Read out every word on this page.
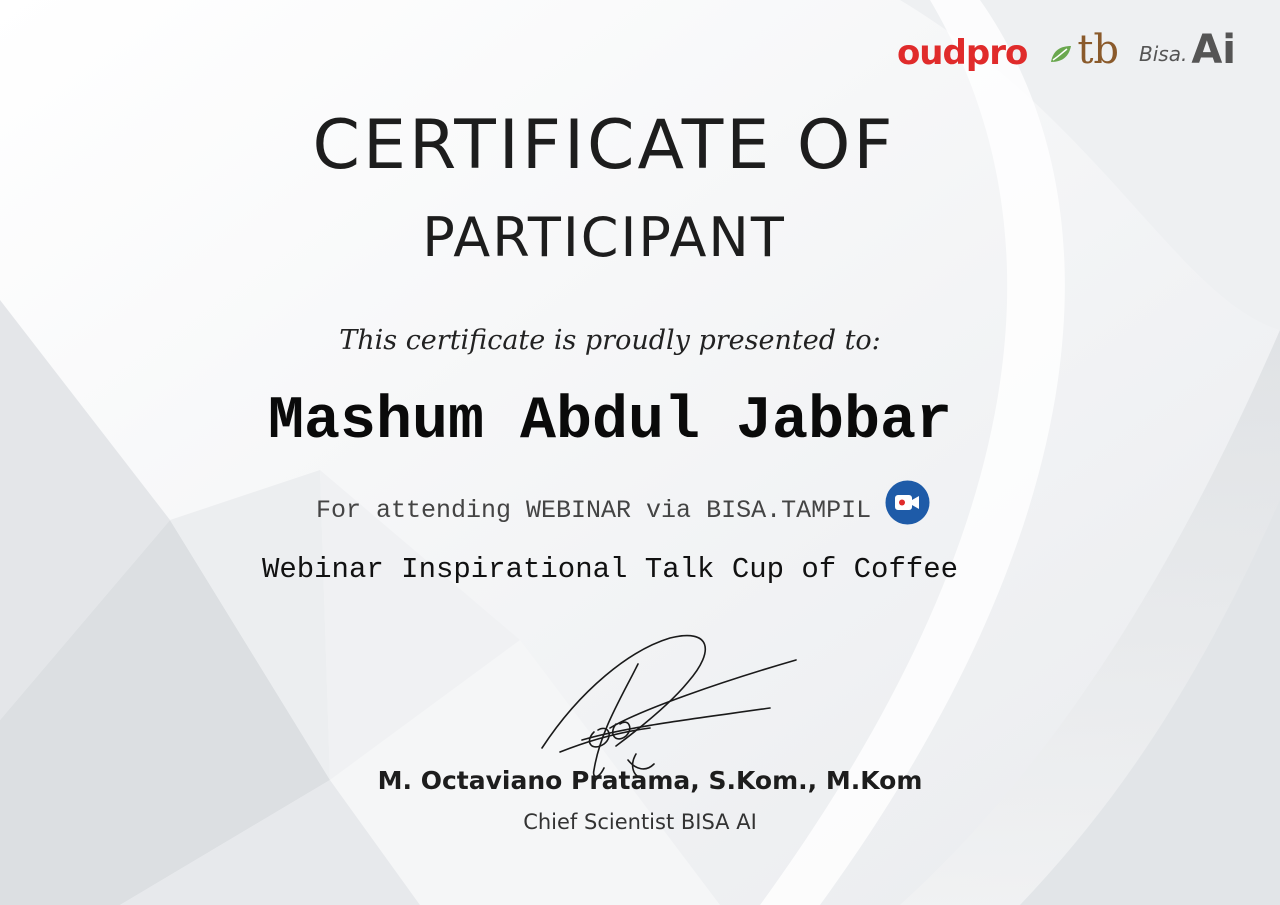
oudpro tb Bisa. Ai
CERTIFICATE OF
PARTICIPANT
This certificate is proudly presented to:
Mashum Abdul Jabbar
For attending WEBINAR via BISA.TAMPIL
Webinar Inspirational Talk Cup of Coffee
M. Octaviano Pratama, S.Kom., M.Kom
Chief Scientist BISA AI
